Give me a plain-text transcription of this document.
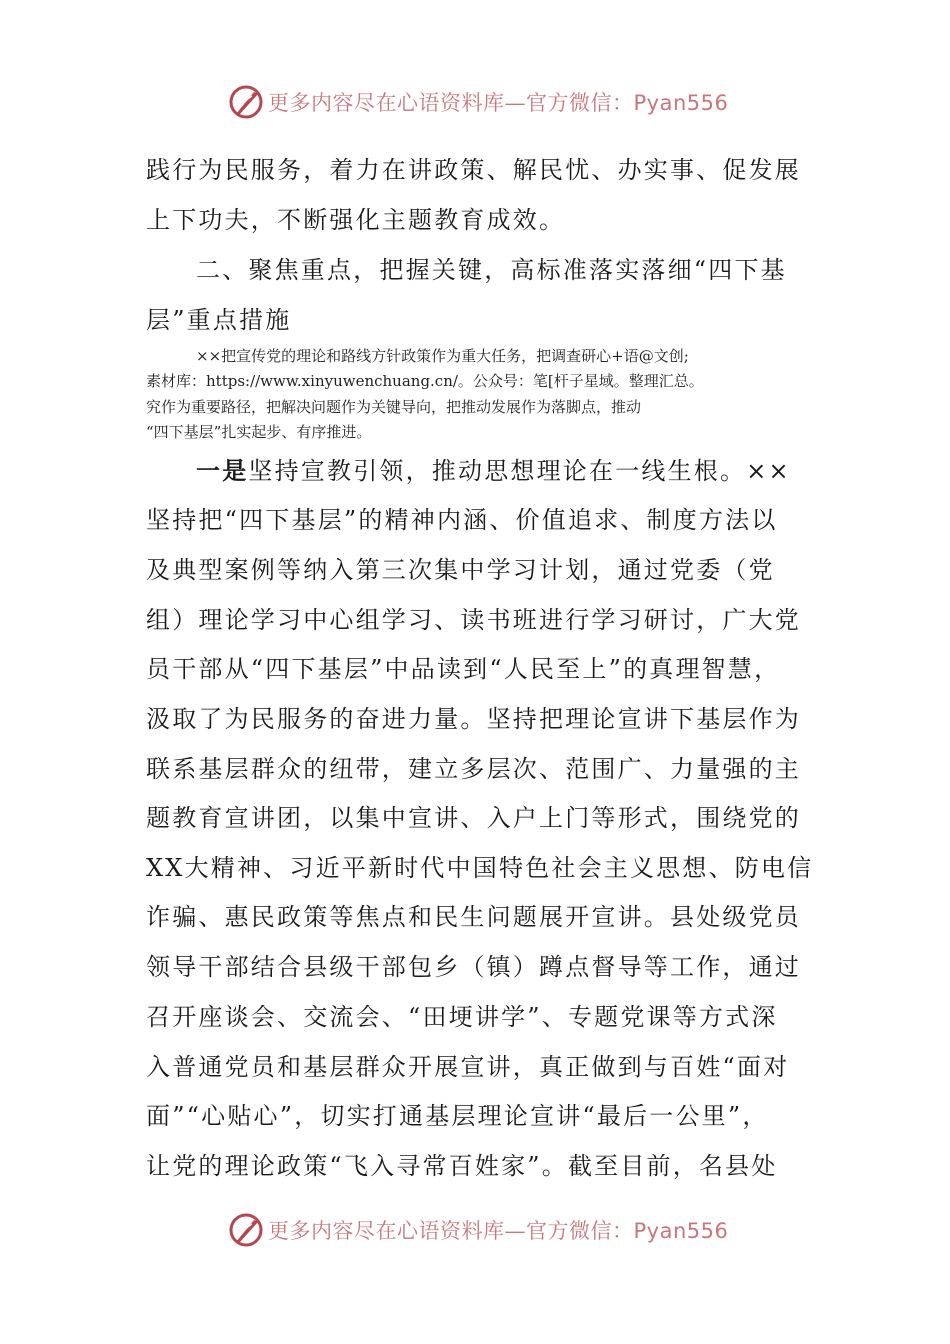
更多内容尽在心语资料库—官方微信：Pyan556
践行为民服务，着力在讲政策、解民忧、办实事、促发展
上下功夫，不断强化主题教育成效。
二、聚焦重点，把握关键，高标准落实落细“四下基
层”重点措施
××把宣传党的理论和路线方针政策作为重大任务，把调查研心+语@文创;
素材库：https://www.xinyuwenchuang.cn/。公众号：笔[杆子星域。整理汇总。
究作为重要路径，把解决问题作为关键导向，把推动发展作为落脚点，推动
“四下基层”扎实起步、有序推进。
一是坚持宣教引领，推动思想理论在一线生根。××
坚持把“四下基层”的精神内涵、价值追求、制度方法以
及典型案例等纳入第三次集中学习计划，通过党委（党
组）理论学习中心组学习、读书班进行学习研讨，广大党
员干部从“四下基层”中品读到“人民至上”的真理智慧，
汲取了为民服务的奋进力量。坚持把理论宣讲下基层作为
联系基层群众的纽带，建立多层次、范围广、力量强的主
题教育宣讲团，以集中宣讲、入户上门等形式，围绕党的
XX大精神、习近平新时代中国特色社会主义思想、防电信
诈骗、惠民政策等焦点和民生问题展开宣讲。县处级党员
领导干部结合县级干部包乡（镇）蹲点督导等工作，通过
召开座谈会、交流会、“田埂讲学”、专题党课等方式深
入普通党员和基层群众开展宣讲，真正做到与百姓“面对
面”“心贴心”，切实打通基层理论宣讲“最后一公里”，
让党的理论政策“飞入寻常百姓家”。截至目前，名县处
更多内容尽在心语资料库—官方微信：Pyan556
